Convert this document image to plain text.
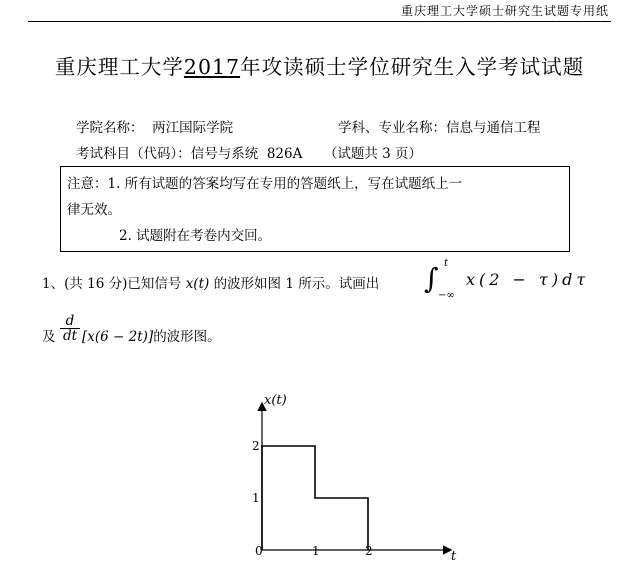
重庆理工大学硕士研究生试题专用纸
重庆理工大学2017年攻读硕士学位研究生入学考试试题
学院名称： 两江国际学院	学科、专业名称：信息与通信工程
考试科目（代码）：信号与系统 826A （试题共 3 页）
注意：1. 所有试题的答案均写在专用的答题纸上，写在试题纸上一
律无效。
2. 试题附在考卷内交回。
1、(共 16 分)已知信号 x(t) 的波形如图 1 所示。试画出 ∫ t
−∞
x(2 − τ)dτ
及 $\frac{d}{dt} [x(6 - 2t)]$的波形图。
x(t)
t
0	1	2
1
2
